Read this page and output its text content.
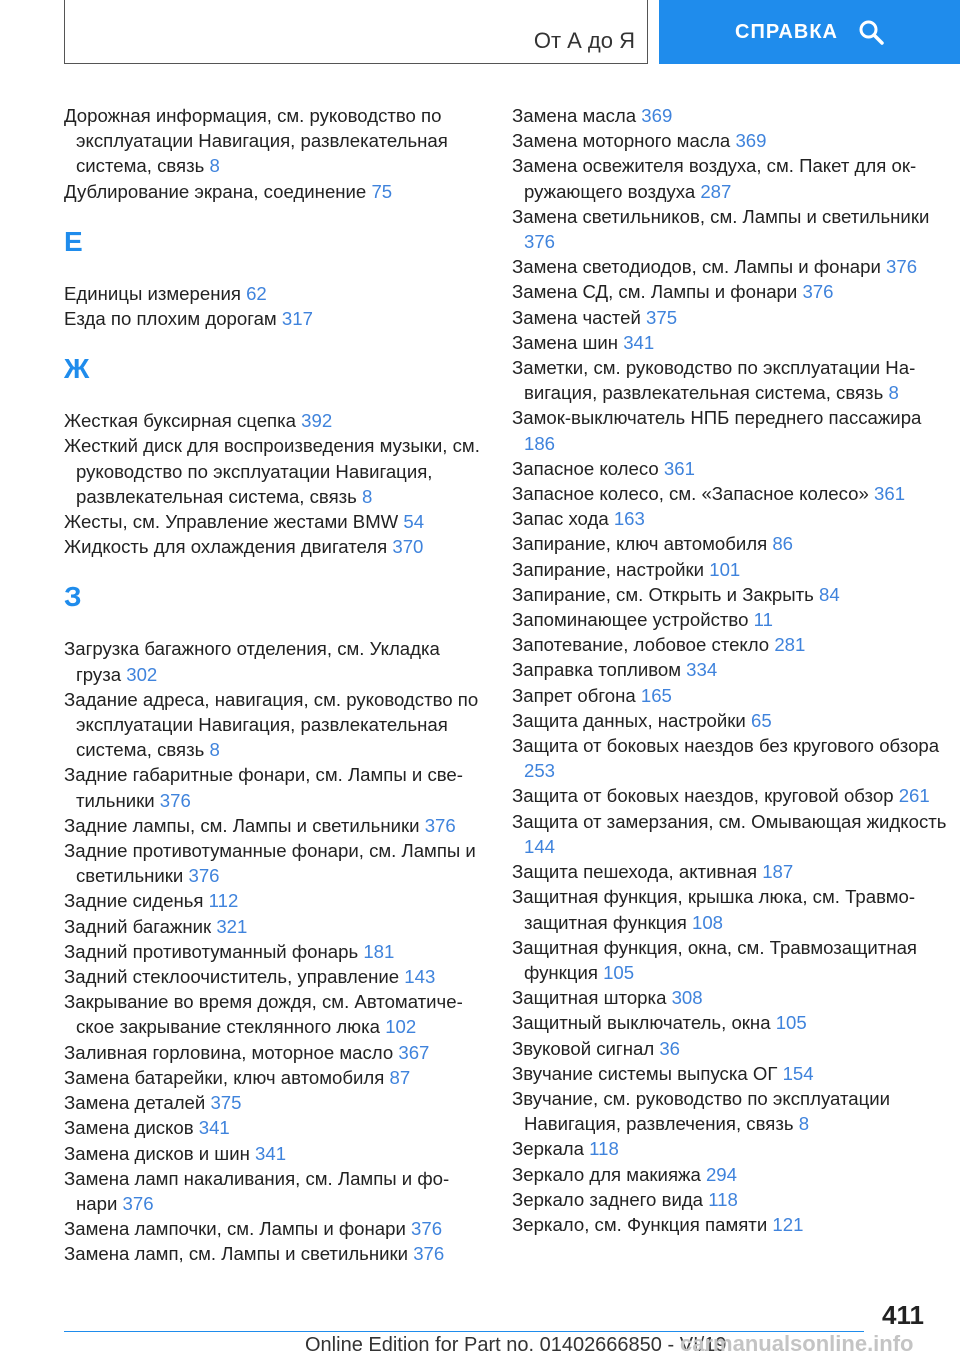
От А до Я	СПРАВКА
Дорожная информация, см. руководство по эксплуатации Навигация, развлекательная система, связь 8
Дублирование экрана, соединение 75
Е
Единицы измерения 62
Езда по плохим дорогам 317
Ж
Жесткая буксирная сцепка 392
Жесткий диск для воспроизведения музыки, см. руководство по эксплуатации Навигация, развлекательная система, связь 8
Жесты, см. Управление жестами BMW 54
Жидкость для охлаждения двигателя 370
З
Загрузка багажного отделения, см. Укладка груза 302
Задание адреса, навигация, см. руководство по эксплуатации Навигация, развлекательная система, связь 8
Задние габаритные фонари, см. Лампы и светильники 376
Задние лампы, см. Лампы и светильники 376
Задние противотуманные фонари, см. Лампы и светильники 376
Задние сиденья 112
Задний багажник 321
Задний противотуманный фонарь 181
Задний стеклоочиститель, управление 143
Закрывание во время дождя, см. Автоматическое закрывание стеклянного люка 102
Заливная горловина, моторное масло 367
Замена батарейки, ключ автомобиля 87
Замена деталей 375
Замена дисков 341
Замена дисков и шин 341
Замена ламп накаливания, см. Лампы и фонари 376
Замена лампочки, см. Лампы и фонари 376
Замена ламп, см. Лампы и светильники 376
Замена масла 369
Замена моторного масла 369
Замена освежителя воздуха, см. Пакет для окружающего воздуха 287
Замена светильников, см. Лампы и светильники 376
Замена светодиодов, см. Лампы и фонари 376
Замена СД, см. Лампы и фонари 376
Замена частей 375
Замена шин 341
Заметки, см. руководство по эксплуатации Навигация, развлекательная система, связь 8
Замок-выключатель НПБ переднего пассажира 186
Запасное колесо 361
Запасное колесо, см. «Запасное колесо» 361
Запас хода 163
Запирание, ключ автомобиля 86
Запирание, настройки 101
Запирание, см. Открыть и Закрыть 84
Запоминающее устройство 11
Запотевание, лобовое стекло 281
Заправка топливом 334
Запрет обгона 165
Защита данных, настройки 65
Защита от боковых наездов без кругового обзора 253
Защита от боковых наездов, круговой обзор 261
Защита от замерзания, см. Омывающая жидкость 144
Защита пешехода, активная 187
Защитная функция, крышка люка, см. Травмозащитная функция 108
Защитная функция, окна, см. Травмозащитная функция 105
Защитная шторка 308
Защитный выключатель, окна 105
Звуковой сигнал 36
Звучание системы выпуска ОГ 154
Звучание, см. руководство по эксплуатации Навигация, развлечения, связь 8
Зеркала 118
Зеркало для макияжа 294
Зеркало заднего вида 118
Зеркало, см. Функция памяти 121
411
Online Edition for Part no. 01402666850 - VI/19
carmanualsonline.info
